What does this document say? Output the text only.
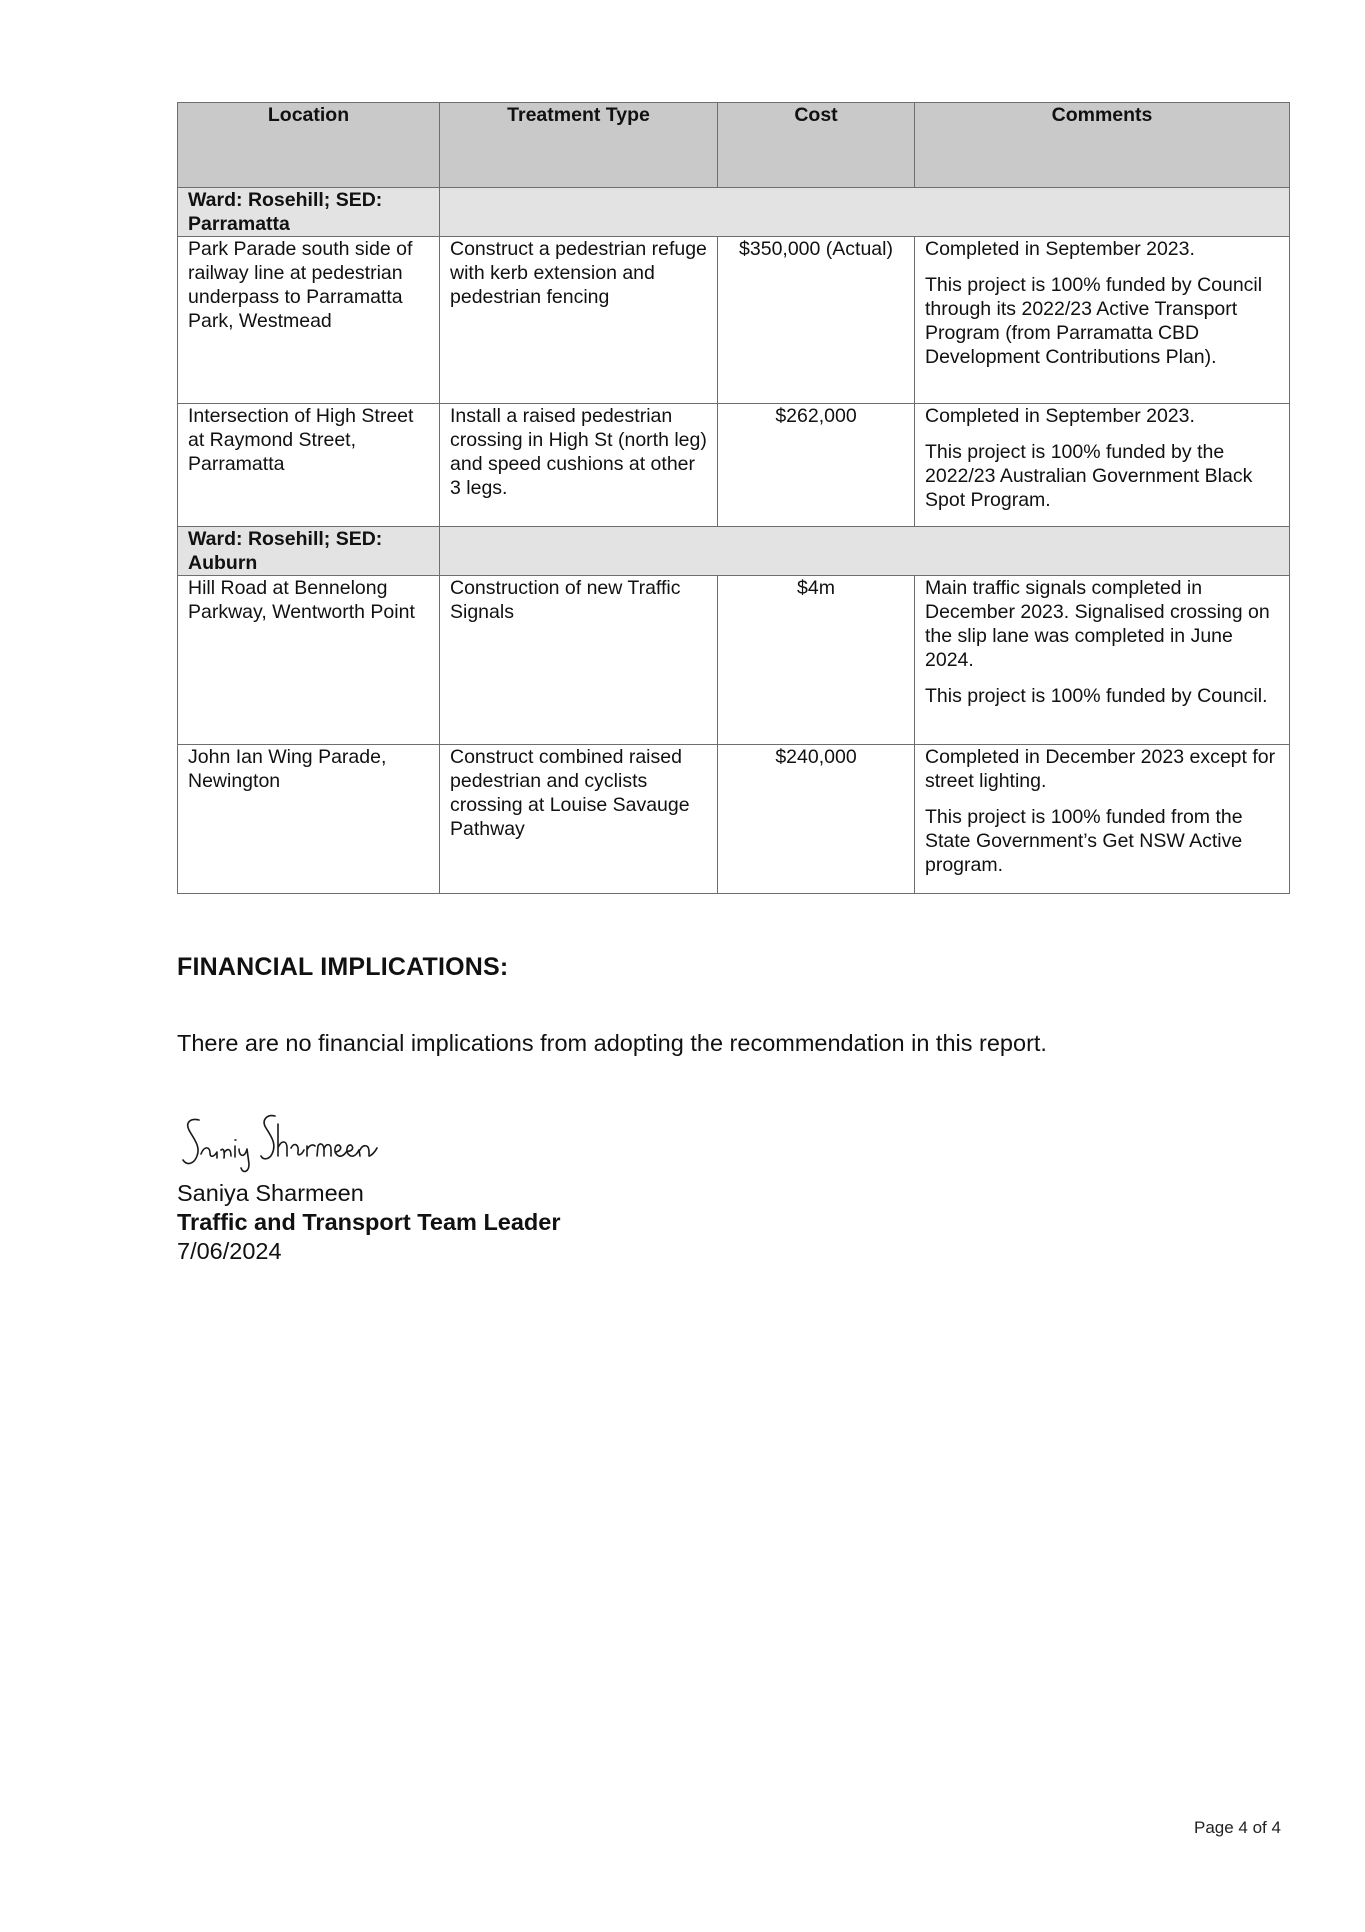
Location	Treatment Type	Cost	Comments
Ward: Rosehill; SED: Parramatta			
Park Parade south side of railway line at pedestrian underpass to Parramatta Park, Westmead	Construct a pedestrian refuge with kerb extension and pedestrian fencing	$350,000 (Actual)	Completed in September 2023.

This project is 100% funded by Council through its 2022/23 Active Transport Program (from Parramatta CBD Development Contributions Plan).

Intersection of High Street at Raymond Street, Parramatta	Install a raised pedestrian crossing in High St (north leg) and speed cushions at other 3 legs.	$262,000	Completed in September 2023.

This project is 100% funded by the 2022/23 Australian Government Black Spot Program.

Ward: Rosehill; SED: Auburn			
Hill Road at Bennelong Parkway, Wentworth Point	Construction of new Traffic Signals	$4m	Main traffic signals completed in December 2023. Signalised crossing on the slip lane was completed in June 2024.

This project is 100% funded by Council.

John Ian Wing Parade, Newington	Construct combined raised pedestrian and cyclists crossing at Louise Savauge Pathway	$240,000	Completed in December 2023 except for street lighting.

This project is 100% funded from the State Government’s Get NSW Active program.

FINANCIAL IMPLICATIONS:
There are no financial implications from adopting the recommendation in this report.
Saniya Sharmeen
Traffic and Transport Team Leader
7/06/2024
Page 4 of 4
